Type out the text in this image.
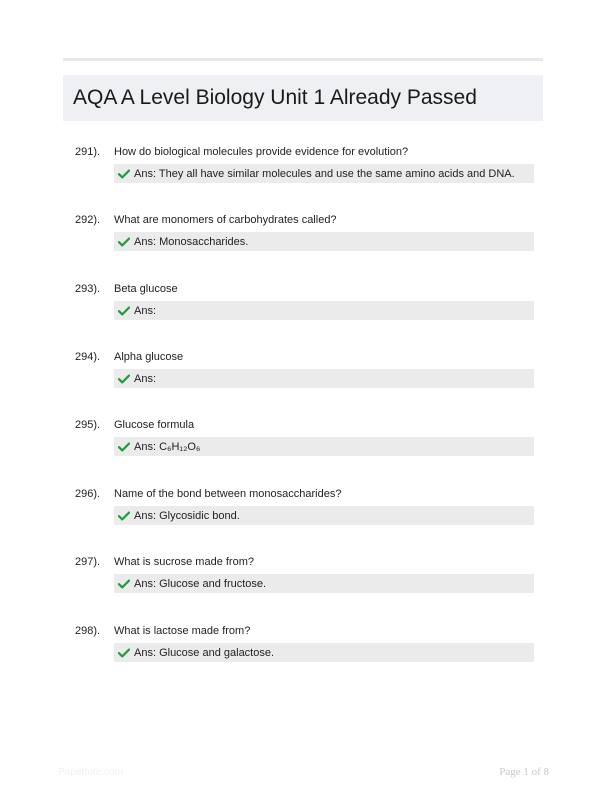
AQA A Level Biology Unit 1 Already Passed
291). How do biological molecules provide evidence for evolution?
Ans: They all have similar molecules and use the same amino acids and DNA.
292). What are monomers of carbohydrates called?
Ans: Monosaccharides.
293). Beta glucose
Ans:
294). Alpha glucose
Ans:
295). Glucose formula
Ans: C₆H₁₂O₆
296). Name of the bond between monosaccharides?
Ans: Glycosidic bond.
297). What is sucrose made from?
Ans: Glucose and fructose.
298). What is lactose made from?
Ans: Glucose and galactose.
Papertote.com	Page 1 of 8
